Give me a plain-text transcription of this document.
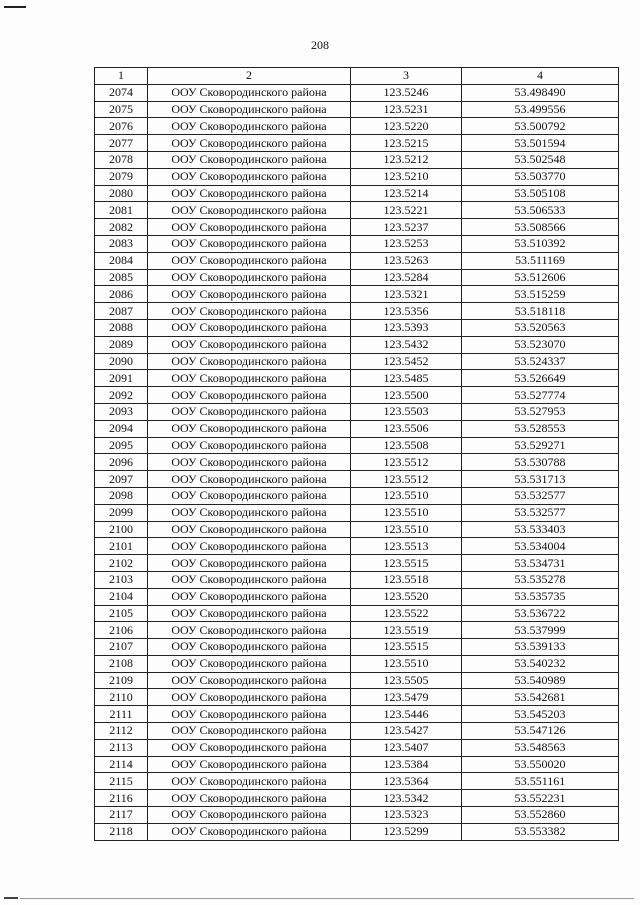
208
1	2	3	4
2074	ООУ Сковородинского района	123.5246	53.498490
2075	ООУ Сковородинского района	123.5231	53.499556
2076	ООУ Сковородинского района	123.5220	53.500792
2077	ООУ Сковородинского района	123.5215	53.501594
2078	ООУ Сковородинского района	123.5212	53.502548
2079	ООУ Сковородинского района	123.5210	53.503770
2080	ООУ Сковородинского района	123.5214	53.505108
2081	ООУ Сковородинского района	123.5221	53.506533
2082	ООУ Сковородинского района	123.5237	53.508566
2083	ООУ Сковородинского района	123.5253	53.510392
2084	ООУ Сковородинского района	123.5263	53.511169
2085	ООУ Сковородинского района	123.5284	53.512606
2086	ООУ Сковородинского района	123.5321	53.515259
2087	ООУ Сковородинского района	123.5356	53.518118
2088	ООУ Сковородинского района	123.5393	53.520563
2089	ООУ Сковородинского района	123.5432	53.523070
2090	ООУ Сковородинского района	123.5452	53.524337
2091	ООУ Сковородинского района	123.5485	53.526649
2092	ООУ Сковородинского района	123.5500	53.527774
2093	ООУ Сковородинского района	123.5503	53.527953
2094	ООУ Сковородинского района	123.5506	53.528553
2095	ООУ Сковородинского района	123.5508	53.529271
2096	ООУ Сковородинского района	123.5512	53.530788
2097	ООУ Сковородинского района	123.5512	53.531713
2098	ООУ Сковородинского района	123.5510	53.532577
2099	ООУ Сковородинского района	123.5510	53.532577
2100	ООУ Сковородинского района	123.5510	53.533403
2101	ООУ Сковородинского района	123.5513	53.534004
2102	ООУ Сковородинского района	123.5515	53.534731
2103	ООУ Сковородинского района	123.5518	53.535278
2104	ООУ Сковородинского района	123.5520	53.535735
2105	ООУ Сковородинского района	123.5522	53.536722
2106	ООУ Сковородинского района	123.5519	53.537999
2107	ООУ Сковородинского района	123.5515	53.539133
2108	ООУ Сковородинского района	123.5510	53.540232
2109	ООУ Сковородинского района	123.5505	53.540989
2110	ООУ Сковородинского района	123.5479	53.542681
2111	ООУ Сковородинского района	123.5446	53.545203
2112	ООУ Сковородинского района	123.5427	53.547126
2113	ООУ Сковородинского района	123.5407	53.548563
2114	ООУ Сковородинского района	123.5384	53.550020
2115	ООУ Сковородинского района	123.5364	53.551161
2116	ООУ Сковородинского района	123.5342	53.552231
2117	ООУ Сковородинского района	123.5323	53.552860
2118	ООУ Сковородинского района	123.5299	53.553382
